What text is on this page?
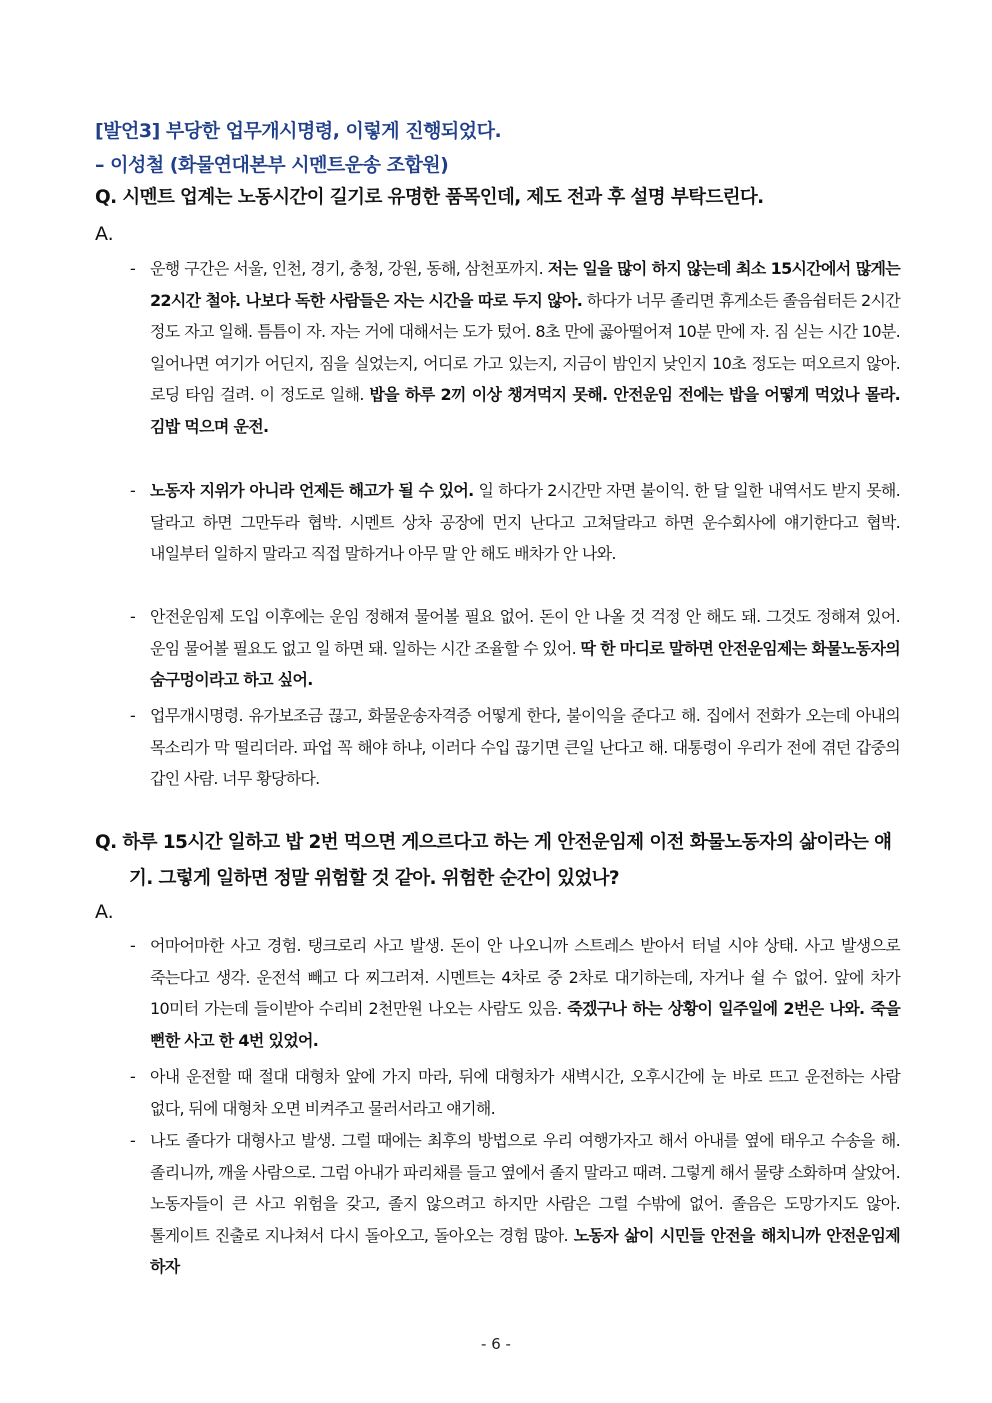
[발언3] 부당한 업무개시명령, 이렇게 진행되었다.
– 이성철 (화물연대본부 시멘트운송 조합원)
Q. 시멘트 업계는 노동시간이 길기로 유명한 품목인데, 제도 전과 후 설명 부탁드린다.
A.
- 운행 구간은 서울, 인천, 경기, 충청, 강원, 동해, 삼천포까지. 저는 일을 많이 하지 않는데 최소 15시간에서 많게는 22시간 철야. 나보다 독한 사람들은 자는 시간을 따로 두지 않아. 하다가 너무 졸리면 휴게소든 졸음쉼터든 2시간 정도 자고 일해. 틈틈이 자. 자는 거에 대해서는 도가 텄어. 8초 만에 곯아떨어져 10분 만에 자. 짐 싣는 시간 10분. 일어나면 여기가 어딘지, 짐을 실었는지, 어디로 가고 있는지, 지금이 밤인지 낮인지 10초 정도는 떠오르지 않아. 로딩 타임 걸려. 이 정도로 일해. 밥을 하루 2끼 이상 챙겨먹지 못해. 안전운임 전에는 밥을 어떻게 먹었나 몰라. 김밥 먹으며 운전.
- 노동자 지위가 아니라 언제든 해고가 될 수 있어. 일 하다가 2시간만 자면 불이익. 한 달 일한 내역서도 받지 못해. 달라고 하면 그만두라 협박. 시멘트 상차 공장에 먼지 난다고 고쳐달라고 하면 운수회사에 얘기한다고 협박. 내일부터 일하지 말라고 직접 말하거나 아무 말 안 해도 배차가 안 나와.
- 안전운임제 도입 이후에는 운임 정해져 물어볼 필요 없어. 돈이 안 나올 것 걱정 안 해도 돼. 그것도 정해져 있어. 운임 물어볼 필요도 없고 일 하면 돼. 일하는 시간 조율할 수 있어. 딱 한 마디로 말하면 안전운임제는 화물노동자의 숨구멍이라고 하고 싶어.
- 업무개시명령. 유가보조금 끊고, 화물운송자격증 어떻게 한다, 불이익을 준다고 해. 집에서 전화가 오는데 아내의 목소리가 막 떨리더라. 파업 꼭 해야 하냐, 이러다 수입 끊기면 큰일 난다고 해. 대통령이 우리가 전에 겪던 갑중의 갑인 사람. 너무 황당하다.
Q. 하루 15시간 일하고 밥 2번 먹으면 게으르다고 하는 게 안전운임제 이전 화물노동자의 삶이라는 얘기. 그렇게 일하면 정말 위험할 것 같아. 위험한 순간이 있었나?
A.
- 어마어마한 사고 경험. 탱크로리 사고 발생. 돈이 안 나오니까 스트레스 받아서 터널 시야 상태. 사고 발생으로 죽는다고 생각. 운전석 빼고 다 찌그러져. 시멘트는 4차로 중 2차로 대기하는데, 자거나 쉴 수 없어. 앞에 차가 10미터 가는데 들이받아 수리비 2천만원 나오는 사람도 있음. 죽겠구나 하는 상황이 일주일에 2번은 나와. 죽을 뻔한 사고 한 4번 있었어.
- 아내 운전할 때 절대 대형차 앞에 가지 마라, 뒤에 대형차가 새벽시간, 오후시간에 눈 바로 뜨고 운전하는 사람 없다, 뒤에 대형차 오면 비켜주고 물러서라고 얘기해.
- 나도 졸다가 대형사고 발생. 그럴 때에는 최후의 방법으로 우리 여행가자고 해서 아내를 옆에 태우고 수송을 해. 졸리니까, 깨울 사람으로. 그럼 아내가 파리채를 들고 옆에서 졸지 말라고 때려. 그렇게 해서 물량 소화하며 살았어. 노동자들이 큰 사고 위험을 갖고, 졸지 않으려고 하지만 사람은 그럴 수밖에 없어. 졸음은 도망가지도 않아. 톨게이트 진출로 지나쳐서 다시 돌아오고, 돌아오는 경험 많아. 노동자 삶이 시민들 안전을 해치니까 안전운임제 하자
- 6 -
